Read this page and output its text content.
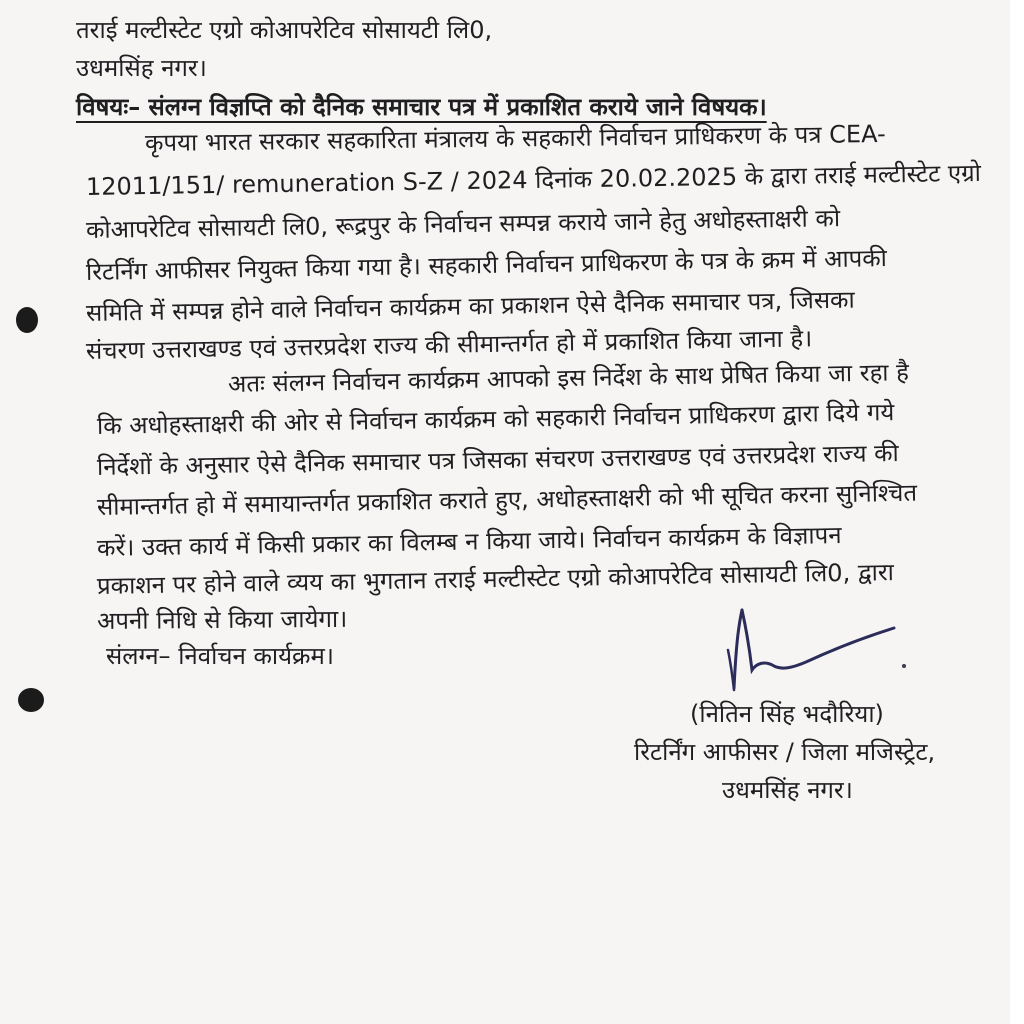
तराई मल्टीस्टेट एग्रो कोआपरेटिव सोसायटी लि0,
उधमसिंह नगर।
विषयः– संलग्न विज्ञप्ति को दैनिक समाचार पत्र में प्रकाशित कराये जाने विषयक।
कृपया भारत सरकार सहकारिता मंत्रालय के सहकारी निर्वाचन प्राधिकरण के पत्र CEA-
12011/151/ remuneration S-Z / 2024 दिनांक 20.02.2025 के द्वारा तराई मल्टीस्टेट एग्रो
कोआपरेटिव सोसायटी लि0, रूद्रपुर के निर्वाचन सम्पन्न कराये जाने हेतु अधोहस्ताक्षरी को
रिटर्निंग आफीसर नियुक्त किया गया है। सहकारी निर्वाचन प्राधिकरण के पत्र के क्रम में आपकी
समिति में सम्पन्न होने वाले निर्वाचन कार्यक्रम का प्रकाशन ऐसे दैनिक समाचार पत्र, जिसका
संचरण उत्तराखण्ड एवं उत्तरप्रदेश राज्य की सीमान्तर्गत हो में प्रकाशित किया जाना है।
अतः संलग्न निर्वाचन कार्यक्रम आपको इस निर्देश के साथ प्रेषित किया जा रहा है
कि अधोहस्ताक्षरी की ओर से निर्वाचन कार्यक्रम को सहकारी निर्वाचन प्राधिकरण द्वारा दिये गये
निर्देशों के अनुसार ऐसे दैनिक समाचार पत्र जिसका संचरण उत्तराखण्ड एवं उत्तरप्रदेश राज्य की
सीमान्तर्गत हो में समायान्तर्गत प्रकाशित कराते हुए, अधोहस्ताक्षरी को भी सूचित करना सुनिश्चित
करें। उक्त कार्य में किसी प्रकार का विलम्ब न किया जाये। निर्वाचन कार्यक्रम के विज्ञापन
प्रकाशन पर होने वाले व्यय का भुगतान तराई मल्टीस्टेट एग्रो कोआपरेटिव सोसायटी लि0, द्वारा
अपनी निधि से किया जायेगा।
संलग्न– निर्वाचन कार्यक्रम।
(नितिन सिंह भदौरिया)
रिटर्निंग आफीसर / जिला मजिस्ट्रेट,
उधमसिंह नगर।
